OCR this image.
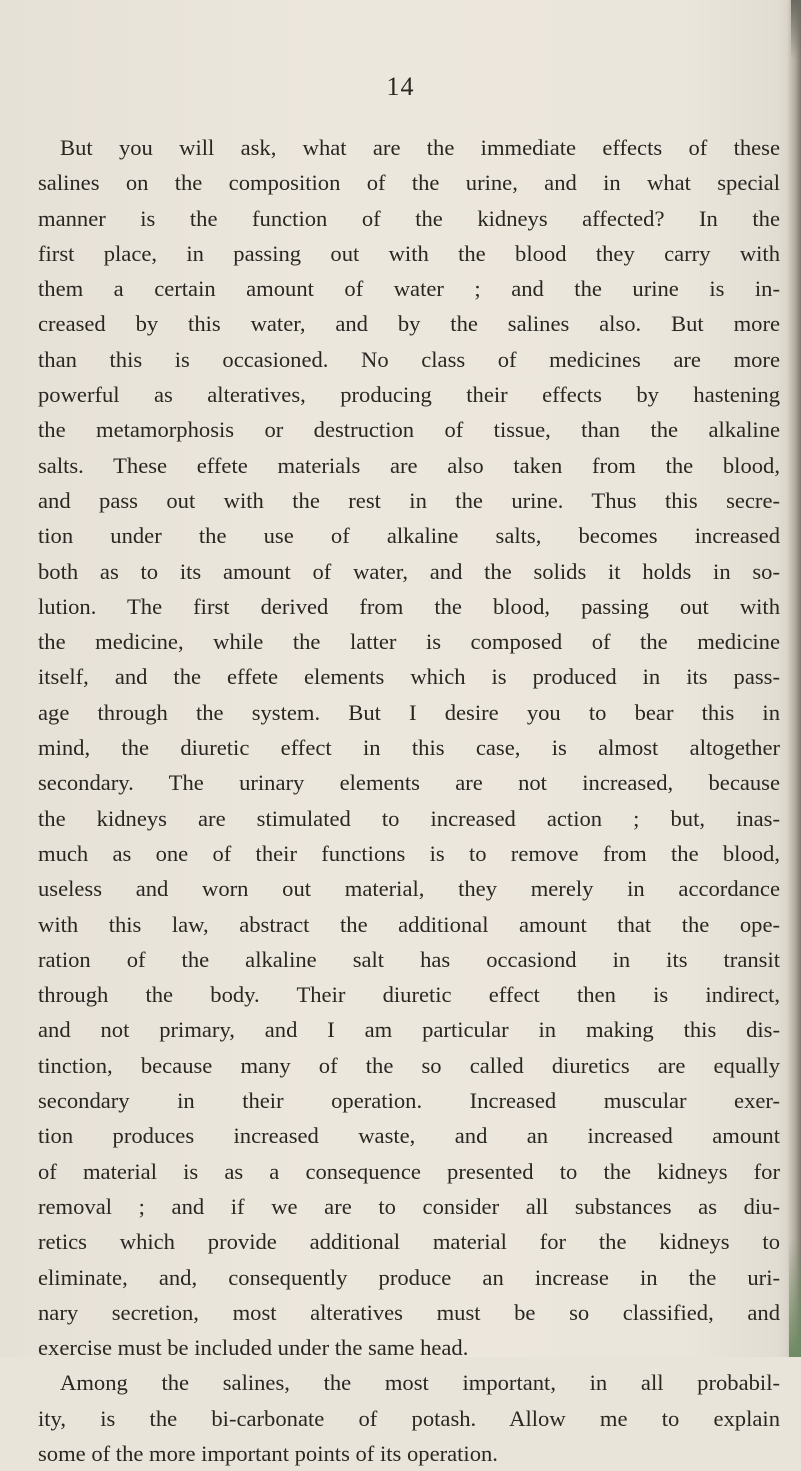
14
But you will ask, what are the immediate effects of these
salines on the composition of the urine, and in what special
manner is the function of the kidneys affected? In the
first place, in passing out with the blood they carry with
them a certain amount of water ; and the urine is in-
creased by this water, and by the salines also. But more
than this is occasioned. No class of medicines are more
powerful as alteratives, producing their effects by hastening
the metamorphosis or destruction of tissue, than the alkaline
salts. These effete materials are also taken from the blood,
and pass out with the rest in the urine. Thus this secre-
tion under the use of alkaline salts, becomes increased
both as to its amount of water, and the solids it holds in so-
lution. The first derived from the blood, passing out with
the medicine, while the latter is composed of the medicine
itself, and the effete elements which is produced in its pass-
age through the system. But I desire you to bear this in
mind, the diuretic effect in this case, is almost altogether
secondary. The urinary elements are not increased, because
the kidneys are stimulated to increased action ; but, inas-
much as one of their functions is to remove from the blood,
useless and worn out material, they merely in accordance
with this law, abstract the additional amount that the ope-
ration of the alkaline salt has occasiond in its transit
through the body. Their diuretic effect then is indirect,
and not primary, and I am particular in making this dis-
tinction, because many of the so called diuretics are equally
secondary in their operation. Increased muscular exer-
tion produces increased waste, and an increased amount
of material is as a consequence presented to the kidneys for
removal ; and if we are to consider all substances as diu-
retics which provide additional material for the kidneys to
eliminate, and, consequently produce an increase in the uri-
nary secretion, most alteratives must be so classified, and
exercise must be included under the same head.
Among the salines, the most important, in all probabil-
ity, is the bi-carbonate of potash. Allow me to explain
some of the more important points of its operation.
